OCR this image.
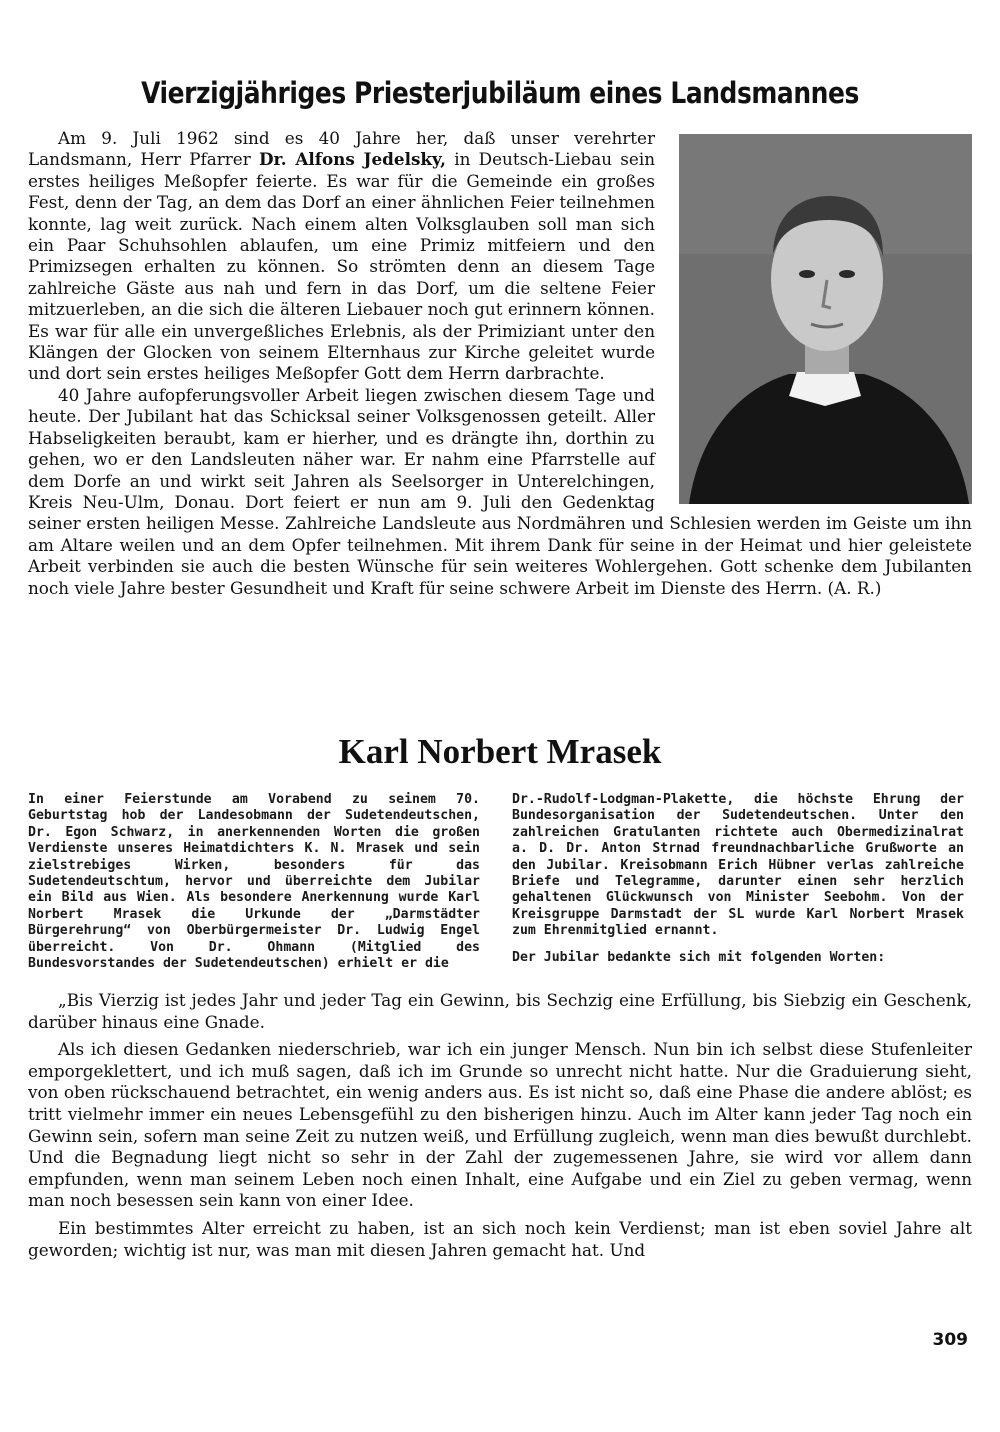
Vierzigjähriges Priesterjubiläum eines Landsmannes

Am 9. Juli 1962 sind es 40 Jahre her, daß unser verehrter Landsmann, Herr Pfarrer Dr. Alfons Jedelsky, in Deutsch-Liebau sein erstes heiliges Meßopfer feierte. Es war für die Gemeinde ein großes Fest, denn der Tag, an dem das Dorf an einer ähnlichen Feier teilnehmen konnte, lag weit zurück. Nach einem alten Volksglauben soll man sich ein Paar Schuhsohlen ablaufen, um eine Primiz mitfeiern und den Primizsegen erhalten zu können. So strömten denn an diesem Tage zahlreiche Gäste aus nah und fern in das Dorf, um die seltene Feier mitzuerleben, an die sich die älteren Liebauer noch gut erinnern können. Es war für alle ein unvergeßliches Erlebnis, als der Primiziant unter den Klängen der Glocken von seinem Elternhaus zur Kirche geleitet wurde und dort sein erstes heiliges Meßopfer Gott dem Herrn darbrachte.

40 Jahre aufopferungsvoller Arbeit liegen zwischen diesem Tage und heute. Der Jubilant hat das Schicksal seiner Volksgenossen geteilt. Aller Habseligkeiten beraubt, kam er hierher, und es drängte ihn, dorthin zu gehen, wo er den Landsleuten näher war. Er nahm eine Pfarrstelle auf dem Dorfe an und wirkt seit Jahren als Seelsorger in Unterelchingen, Kreis Neu-Ulm, Donau. Dort feiert er nun am 9. Juli den Gedenktag seiner ersten heiligen Messe. Zahlreiche Landsleute aus Nordmähren und Schlesien werden im Geiste um ihn am Altare weilen und an dem Opfer teilnehmen. Mit ihrem Dank für seine in der Heimat und hier geleistete Arbeit verbinden sie auch die besten Wünsche für sein weiteres Wohlergehen. Gott schenke dem Jubilanten noch viele Jahre bester Gesundheit und Kraft für seine schwere Arbeit im Dienste des Herrn. (A. R.)

Karl Norbert Mrasek

In einer Feierstunde am Vorabend zu seinem 70. Geburtstag hob der Landesobmann der Sudetendeutschen, Dr. Egon Schwarz, in anerkennenden Worten die großen Verdienste unseres Heimatdichters K. N. Mrasek und sein zielstrebiges Wirken, besonders für das Sudetendeutschtum, hervor und überreichte dem Jubilar ein Bild aus Wien. Als besondere Anerkennung wurde Karl Norbert Mrasek die Urkunde der „Darmstädter Bürgerehrung“ von Oberbürgermeister Dr. Ludwig Engel überreicht. Von Dr. Ohmann (Mitglied des Bundesvorstandes der Sudetendeutschen) erhielt er die

Dr.-Rudolf-Lodgman-Plakette, die höchste Ehrung der Bundesorganisation der Sudetendeutschen. Unter den zahlreichen Gratulanten richtete auch Obermedizinalrat a. D. Dr. Anton Strnad freundnachbarliche Grußworte an den Jubilar. Kreisobmann Erich Hübner verlas zahlreiche Briefe und Telegramme, darunter einen sehr herzlich gehaltenen Glückwunsch von Minister Seebohm. Von der Kreisgruppe Darmstadt der SL wurde Karl Norbert Mrasek zum Ehrenmitglied ernannt.

Der Jubilar bedankte sich mit folgenden Worten:

„Bis Vierzig ist jedes Jahr und jeder Tag ein Gewinn, bis Sechzig eine Erfüllung, bis Siebzig ein Geschenk, darüber hinaus eine Gnade.

Als ich diesen Gedanken niederschrieb, war ich ein junger Mensch. Nun bin ich selbst diese Stufenleiter emporgeklettert, und ich muß sagen, daß ich im Grunde so unrecht nicht hatte. Nur die Graduierung sieht, von oben rückschauend betrachtet, ein wenig anders aus. Es ist nicht so, daß eine Phase die andere ablöst; es tritt vielmehr immer ein neues Lebensgefühl zu den bisherigen hinzu. Auch im Alter kann jeder Tag noch ein Gewinn sein, sofern man seine Zeit zu nutzen weiß, und Erfüllung zugleich, wenn man dies bewußt durchlebt. Und die Begnadung liegt nicht so sehr in der Zahl der zugemessenen Jahre, sie wird vor allem dann empfunden, wenn man seinem Leben noch einen Inhalt, eine Aufgabe und ein Ziel zu geben vermag, wenn man noch besessen sein kann von einer Idee.

Ein bestimmtes Alter erreicht zu haben, ist an sich noch kein Verdienst; man ist eben soviel Jahre alt geworden; wichtig ist nur, was man mit diesen Jahren gemacht hat. Und

309
